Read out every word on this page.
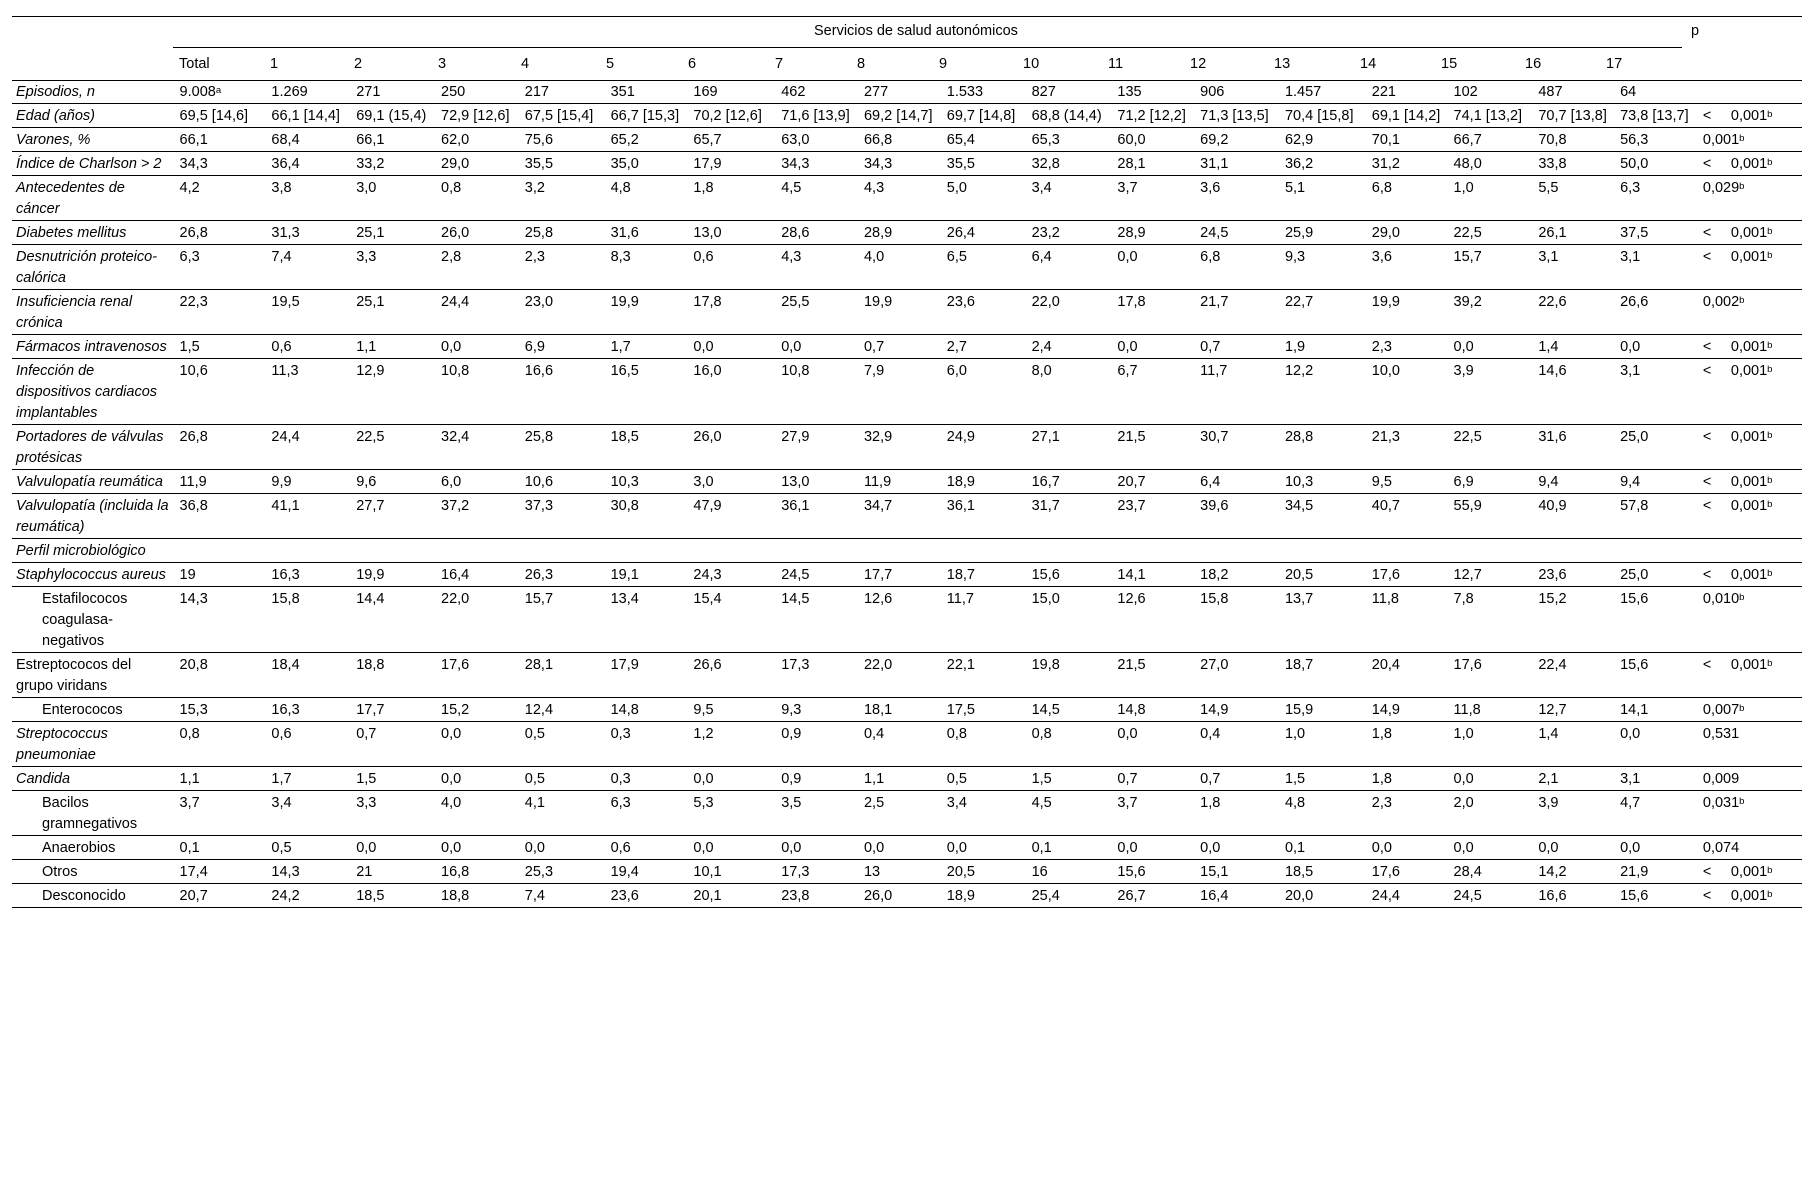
Servicios de salud autonómicos	p
Total	1	2	3	4	5	6	7	8	9	10	11	12	13	14	15	16	17
Episodios, n	9.008$^a$	1.269	271	250	217	351	169	462	277	1.533	827	135	906	1.457	221	102	487	64	
Edad (años)	69,5 [14,6]	66,1 [14,4]	69,1 (15,4)	72,9 [12,6]	67,5 [15,4]	66,7 [15,3]	70,2 [12,6]	71,6 [13,9]	69,2 [14,7]	69,7 [14,8]	68,8 (14,4)	71,2 [12,2]	71,3 [13,5]	70,4 [15,8]	69,1 [14,2]	74,1 [13,2]	70,7 [13,8]	73,8 [13,7]	< 0,001$^b$
Varones, %	66,1	68,4	66,1	62,0	75,6	65,2	65,7	63,0	66,8	65,4	65,3	60,0	69,2	62,9	70,1	66,7	70,8	56,3	0,001$^b$
Índice de Charlson > 2	34,3	36,4	33,2	29,0	35,5	35,0	17,9	34,3	34,3	35,5	32,8	28,1	31,1	36,2	31,2	48,0	33,8	50,0	< 0,001$^b$
Antecedentes de cáncer	4,2	3,8	3,0	0,8	3,2	4,8	1,8	4,5	4,3	5,0	3,4	3,7	3,6	5,1	6,8	1,0	5,5	6,3	0,029$^b$
Diabetes mellitus	26,8	31,3	25,1	26,0	25,8	31,6	13,0	28,6	28,9	26,4	23,2	28,9	24,5	25,9	29,0	22,5	26,1	37,5	< 0,001$^b$
Desnutrición proteico-calórica	6,3	7,4	3,3	2,8	2,3	8,3	0,6	4,3	4,0	6,5	6,4	0,0	6,8	9,3	3,6	15,7	3,1	3,1	< 0,001$^b$
Insuficiencia renal crónica	22,3	19,5	25,1	24,4	23,0	19,9	17,8	25,5	19,9	23,6	22,0	17,8	21,7	22,7	19,9	39,2	22,6	26,6	0,002$^b$
Fármacos intravenosos	1,5	0,6	1,1	0,0	6,9	1,7	0,0	0,0	0,7	2,7	2,4	0,0	0,7	1,9	2,3	0,0	1,4	0,0	< 0,001$^b$
Infección de dispositivos cardiacos implantables	10,6	11,3	12,9	10,8	16,6	16,5	16,0	10,8	7,9	6,0	8,0	6,7	11,7	12,2	10,0	3,9	14,6	3,1	< 0,001$^b$
Portadores de válvulas protésicas	26,8	24,4	22,5	32,4	25,8	18,5	26,0	27,9	32,9	24,9	27,1	21,5	30,7	28,8	21,3	22,5	31,6	25,0	< 0,001$^b$
Valvulopatía reumática	11,9	9,9	9,6	6,0	10,6	10,3	3,0	13,0	11,9	18,9	16,7	20,7	6,4	10,3	9,5	6,9	9,4	9,4	< 0,001$^b$
Valvulopatía (incluida la reumática)	36,8	41,1	27,7	37,2	37,3	30,8	47,9	36,1	34,7	36,1	31,7	23,7	39,6	34,5	40,7	55,9	40,9	57,8	< 0,001$^b$
Perfil microbiológico																			
Staphylococcus aureus	19	16,3	19,9	16,4	26,3	19,1	24,3	24,5	17,7	18,7	15,6	14,1	18,2	20,5	17,6	12,7	23,6	25,0	< 0,001$^b$
Estafilococos coagulasa-negativos	14,3	15,8	14,4	22,0	15,7	13,4	15,4	14,5	12,6	11,7	15,0	12,6	15,8	13,7	11,8	7,8	15,2	15,6	0,010$^b$
Estreptococos del grupo viridans	20,8	18,4	18,8	17,6	28,1	17,9	26,6	17,3	22,0	22,1	19,8	21,5	27,0	18,7	20,4	17,6	22,4	15,6	< 0,001$^b$
Enterococos	15,3	16,3	17,7	15,2	12,4	14,8	9,5	9,3	18,1	17,5	14,5	14,8	14,9	15,9	14,9	11,8	12,7	14,1	0,007$^b$
Streptococcus pneumoniae	0,8	0,6	0,7	0,0	0,5	0,3	1,2	0,9	0,4	0,8	0,8	0,0	0,4	1,0	1,8	1,0	1,4	0,0	0,531
Candida	1,1	1,7	1,5	0,0	0,5	0,3	0,0	0,9	1,1	0,5	1,5	0,7	0,7	1,5	1,8	0,0	2,1	3,1	0,009
Bacilos gramnegativos	3,7	3,4	3,3	4,0	4,1	6,3	5,3	3,5	2,5	3,4	4,5	3,7	1,8	4,8	2,3	2,0	3,9	4,7	0,031$^b$
Anaerobios	0,1	0,5	0,0	0,0	0,0	0,6	0,0	0,0	0,0	0,0	0,1	0,0	0,0	0,1	0,0	0,0	0,0	0,0	0,074
Otros	17,4	14,3	21	16,8	25,3	19,4	10,1	17,3	13	20,5	16	15,6	15,1	18,5	17,6	28,4	14,2	21,9	< 0,001$^b$
Desconocido	20,7	24,2	18,5	18,8	7,4	23,6	20,1	23,8	26,0	18,9	25,4	26,7	16,4	20,0	24,4	24,5	16,6	15,6	< 0,001$^b$
